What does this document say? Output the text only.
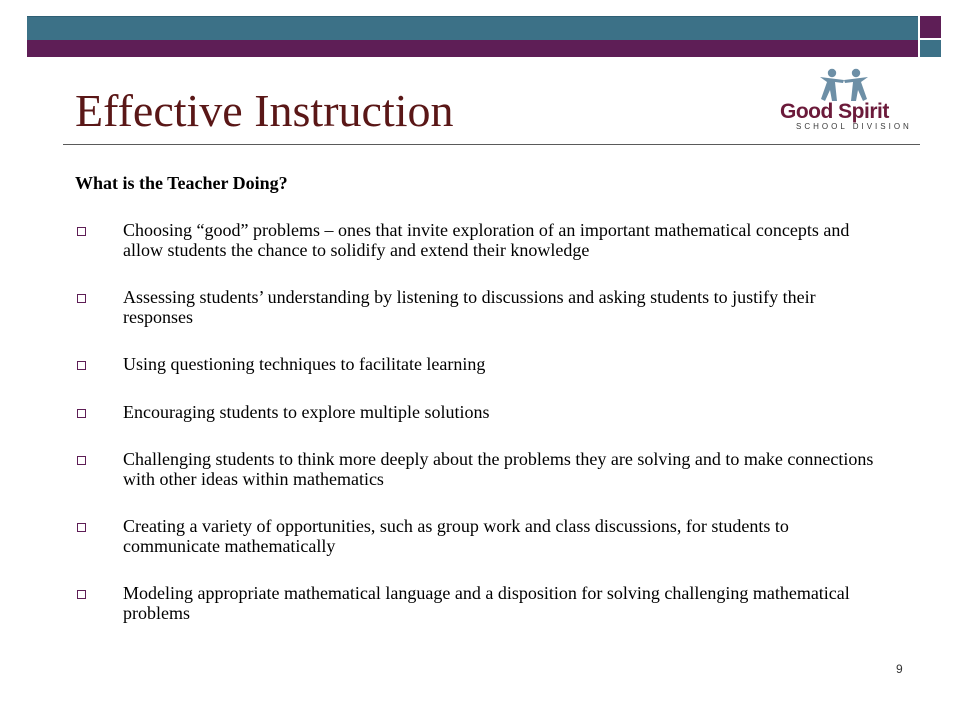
Effective Instruction	Good Spirit
SCHOOL DIVISION
What is the Teacher Doing?
Choosing “good” problems – ones that invite exploration of an important mathematical concepts and allow students the chance to solidify and extend their knowledge
Assessing students’ understanding by listening to discussions and asking students to justify their responses
Using questioning techniques to facilitate learning
Encouraging students to explore multiple solutions
Challenging students to think more deeply about the problems they are solving and to make connections with other ideas within mathematics
Creating a variety of opportunities, such as group work and class discussions, for students to communicate mathematically
Modeling appropriate mathematical language and a disposition for solving challenging mathematical problems
9
